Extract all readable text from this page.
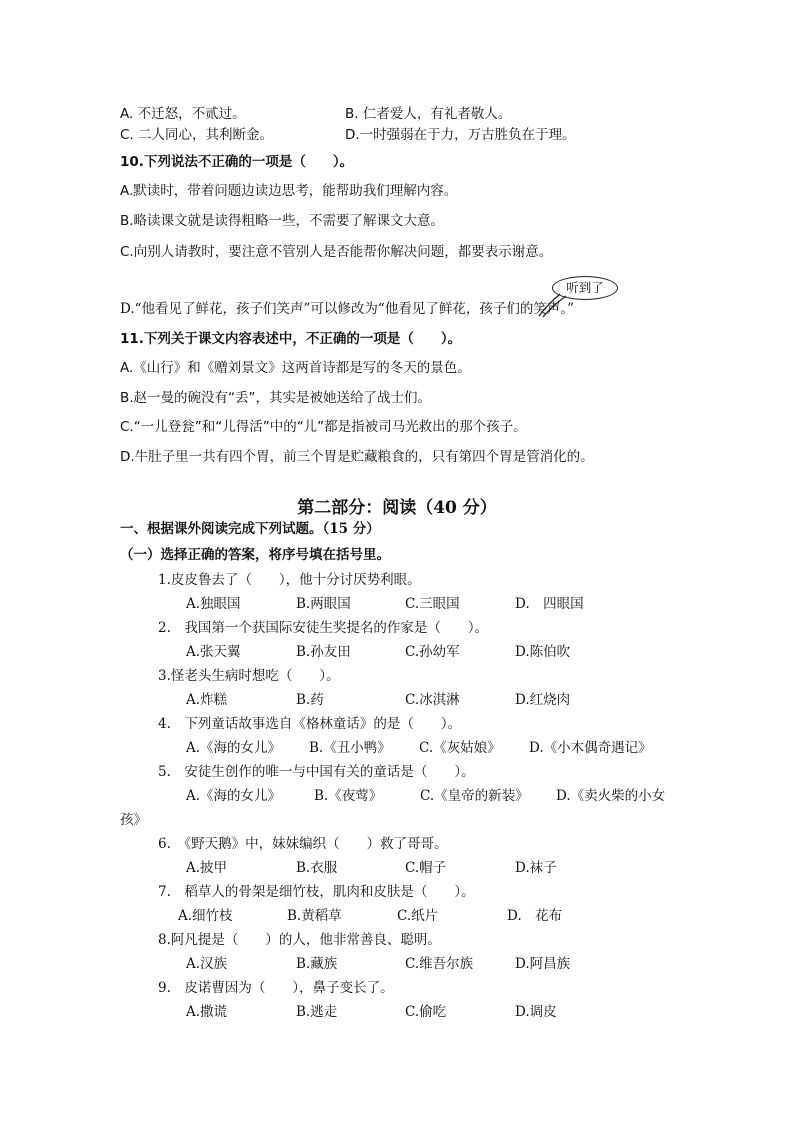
A. 不迁怒，不贰过。	B. 仁者爱人，有礼者敬人。
C. 二人同心，其利断金。	D.一时强弱在于力，万古胜负在于理。
10.下列说法不正确的一项是（　　）。
A.默读时，带着问题边读边思考，能帮助我们理解内容。
B.略读课文就是读得粗略一些，不需要了解课文大意。
C.向别人请教时，要注意不管别人是否能帮你解决问题，都要表示谢意。
听到了
D.“他看见了鲜花，孩子们笑声”可以修改为“他看见了鲜花，孩子们的笑声。”
11.下列关于课文内容表述中，不正确的一项是（　　）。
A.《山行》和《赠刘景文》这两首诗都是写的冬天的景色。
B.赵一曼的碗没有“丢”，其实是被她送给了战士们。
C.“一儿登瓮”和“儿得活”中的“儿”都是指被司马光救出的那个孩子。
D.牛肚子里一共有四个胃，前三个胃是贮藏粮食的，只有第四个胃是管消化的。
第二部分：阅读（40 分）
一、根据课外阅读完成下列试题。（15 分）
（一）选择正确的答案，将序号填在括号里。
1.皮皮鲁去了（　　），他十分讨厌势利眼。
A.独眼国	B.两眼国	C.三眼国	D.　四眼国
2.　我国第一个获国际安徒生奖提名的作家是（　　）。
A.张天翼	B.孙友田	C.孙幼军	D.陈伯吹
3.怪老头生病时想吃（　　）。
A.炸糕	B.药	C.冰淇淋	D.红烧肉
4.　下列童话故事选自《格林童话》的是（　　）。
A.《海的女儿》 B.《丑小鸭》 C.《灰姑娘》 D.《小木偶奇遇记》
5.　安徒生创作的唯一与中国有关的童话是（　　）。
A.《海的女儿》 B.《夜莺》	C.《皇帝的新装》 D.《卖火柴的小女
孩》
6.　《野天鹅》中，妹妹编织（　　）救了哥哥。
A.披甲	B.衣服	C.帽子	D.袜子
7.　稻草人的骨架是细竹枝，肌肉和皮肤是（　　）。
A.细竹枝	B.黄稻草	C.纸片	D.　花布
8.阿凡提是（　　）的人，他非常善良、聪明。
A.汉族	B.藏族	C.维吾尔族	D.阿昌族
9.　皮诺曹因为（　　），鼻子变长了。
A.撒谎	B.逃走	C.偷吃	D.调皮
